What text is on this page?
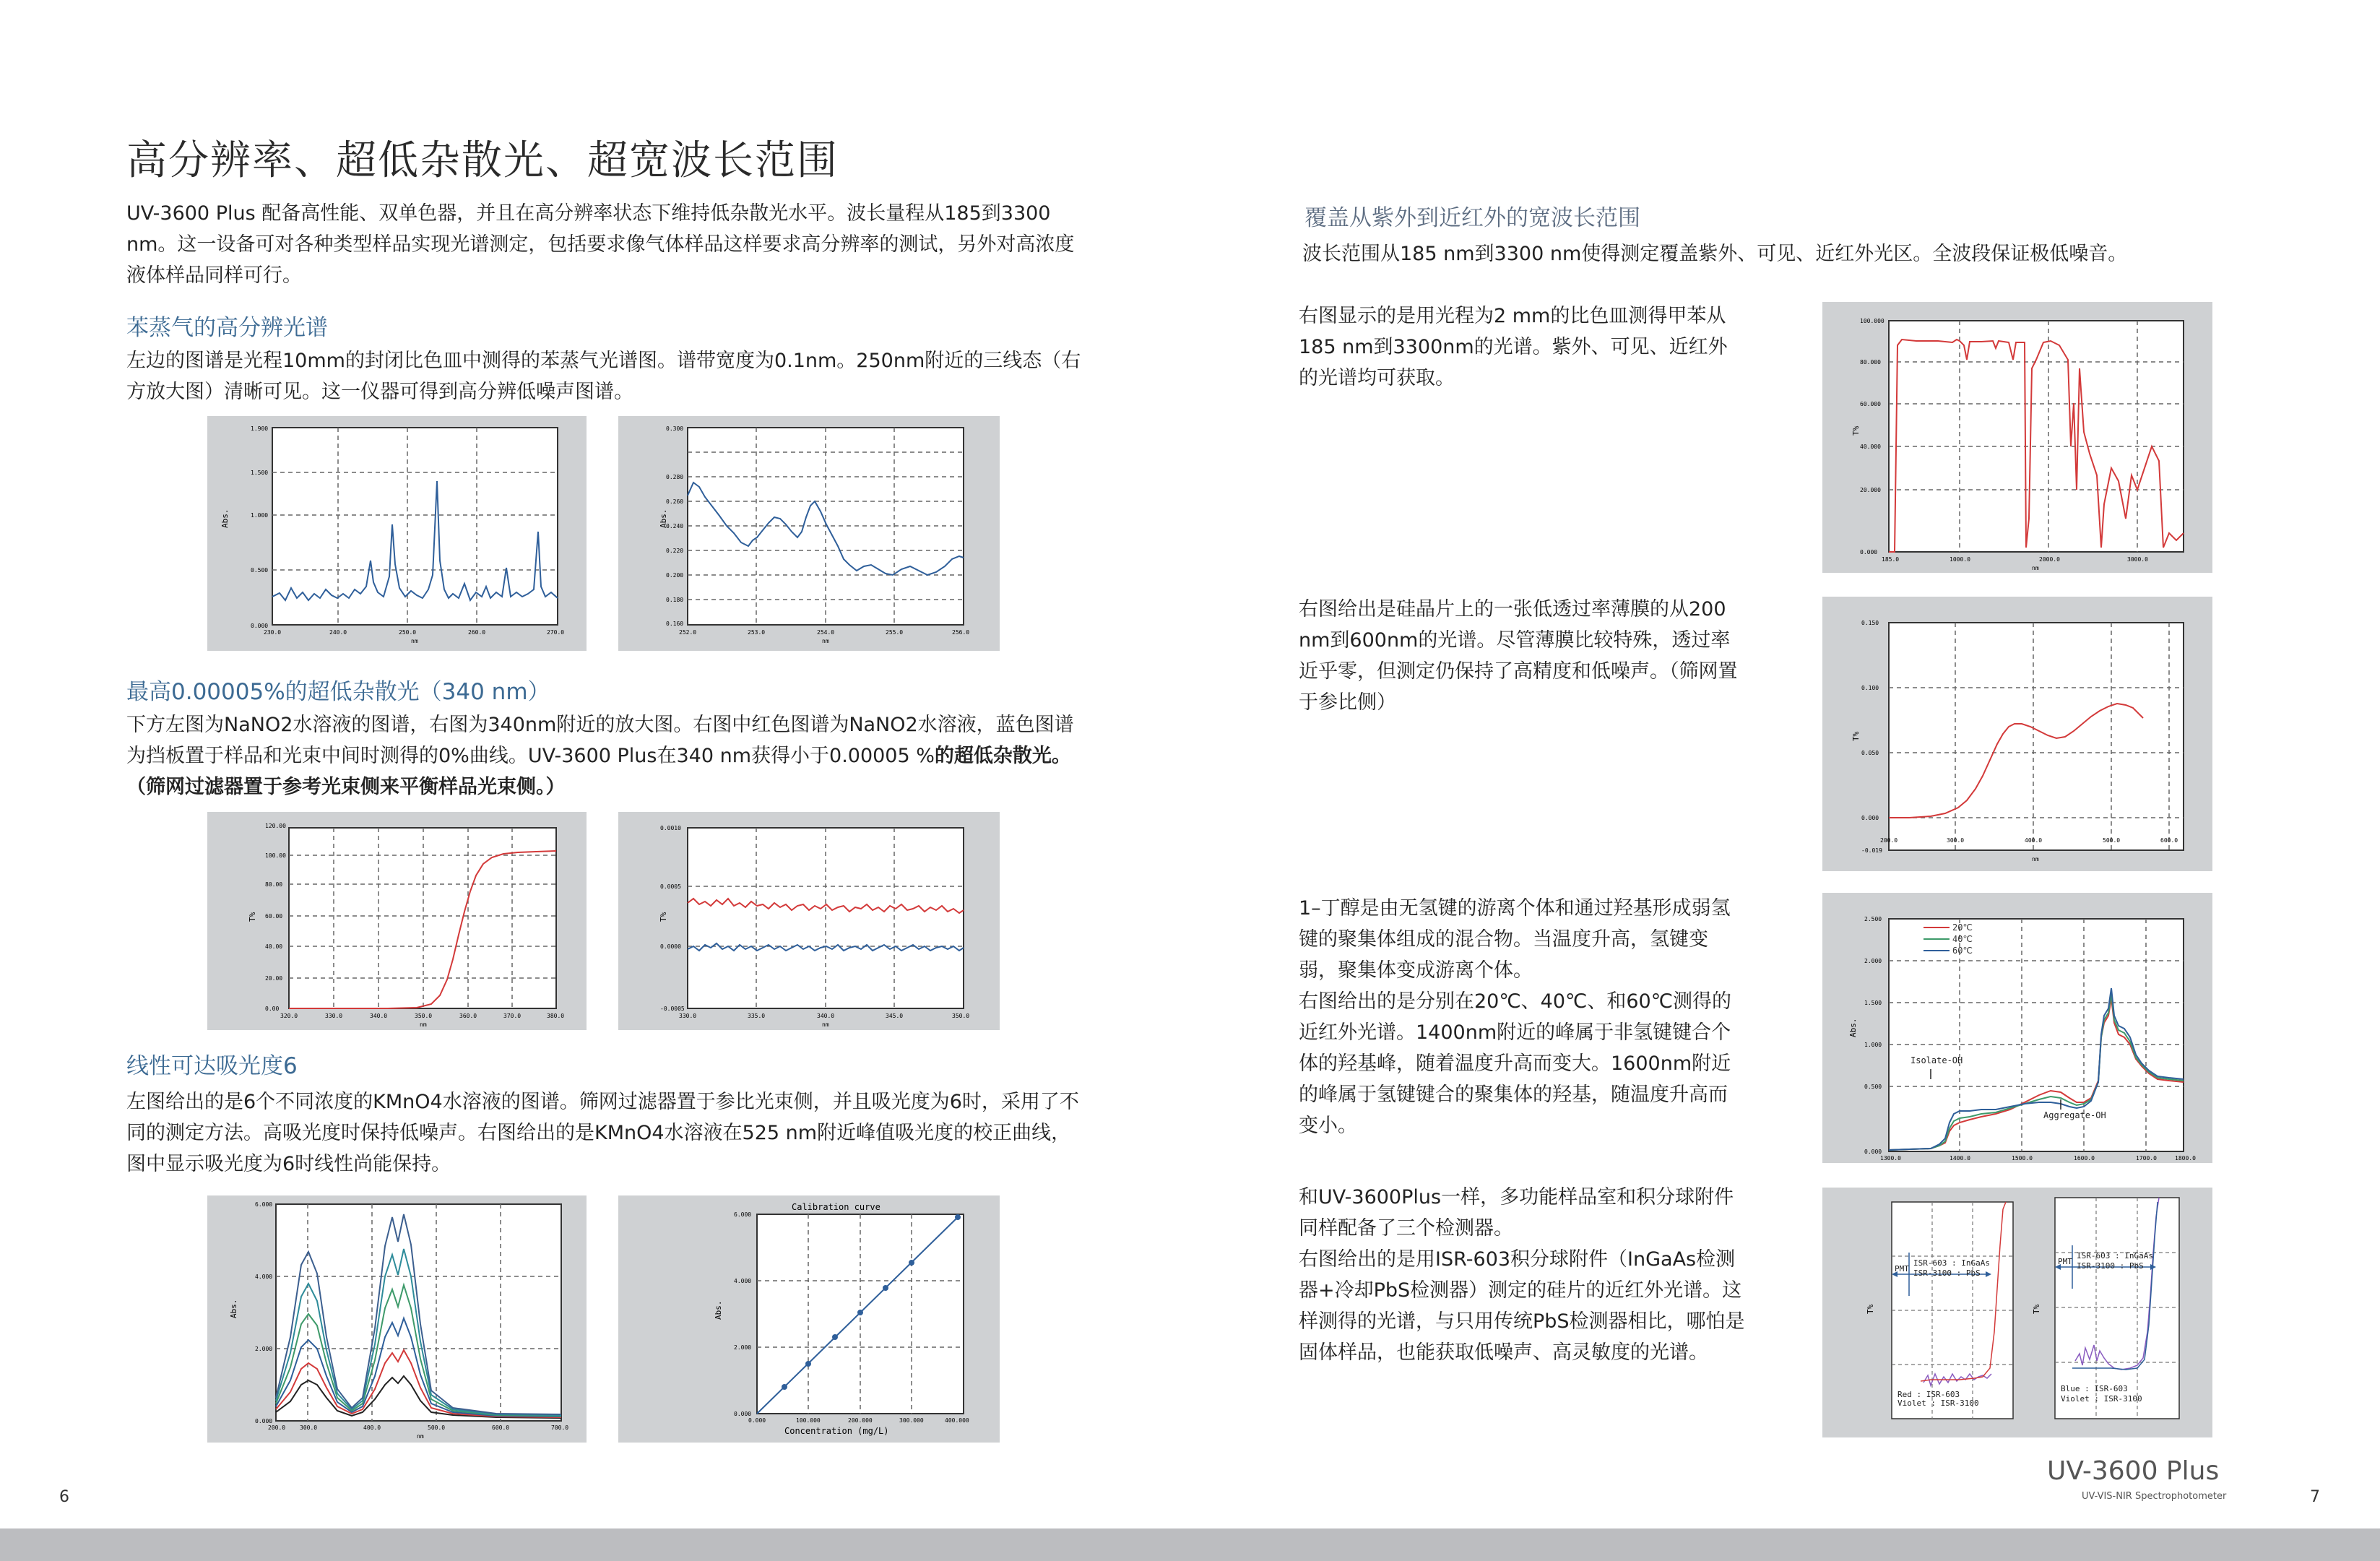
高分辨率、超低杂散光、超宽波长范围
UV-3600 Plus 配备高性能、双单色器，并且在高分辨率状态下维持低杂散光水平。波长量程从185到3300 nm。这一设备可对各种类型样品实现光谱测定，包括要求像气体样品这样要求高分辨率的测试，另外对高浓度液体样品同样可行。
苯蒸气的高分辨光谱
左边的图谱是光程10mm的封闭比色皿中测得的苯蒸气光谱图。谱带宽度为0.1nm。250nm附近的三线态（右方放大图）清晰可见。这一仪器可得到高分辨低噪声图谱。
Abs.
0.000
0.500
1.000
1.500
1.900
230.0	240.0	250.0	260.0	270.0
nm
Abs.
0.160
0.180
0.200
0.220
0.240
0.260
0.280
0.300
252.0	253.0	254.0	255.0	256.0
nm
最高0.00005%的超低杂散光（340 nm）
下方左图为NaNO2水溶液的图谱，右图为340nm附近的放大图。右图中红色图谱为NaNO2水溶液，蓝色图谱为挡板置于样品和光束中间时测得的0%曲线。UV-3600 Plus在340 nm获得小于0.00005 %的超低杂散光。
（筛网过滤器置于参考光束侧来平衡样品光束侧。）
T%
0.00
20.00
40.00
60.00
80.00
100.00
120.00
320.0	330.0	340.0	350.0	360.0	370.0	380.0
nm
T%
-0.0005
0.0000
0.0005
0.0010
330.0	335.0	340.0	345.0	350.0
nm
线性可达吸光度6
左图给出的是6个不同浓度的KMnO4水溶液的图谱。筛网过滤器置于参比光束侧，并且吸光度为6时，采用了不同的测定方法。高吸光度时保持低噪声。右图给出的是KMnO4水溶液在525 nm附近峰值吸光度的校正曲线，图中显示吸光度为6时线性尚能保持。
Abs.
0.000
2.000
4.000
6.000
200.0 300.0	400.0	500.0	600.0	700.0
nm
Calibration curve
Abs.
0.000
2.000
4.000
6.000
0.000	100.000	200.000	300.000	400.000
Concentration (mg/L)
6
覆盖从紫外到近红外的宽波长范围
波长范围从185 nm到3300 nm使得测定覆盖紫外、可见、近红外光区。全波段保证极低噪音。
右图显示的是用光程为2 mm的比色皿测得甲苯从185 nm到3300nm的光谱。紫外、可见、近红外的光谱均可获取。
右图给出是硅晶片上的一张低透过率薄膜的从200 nm到600nm的光谱。尽管薄膜比较特殊，透过率近乎零，但测定仍保持了高精度和低噪声。（筛网置于参比侧）
1–丁醇是由无氢键的游离个体和通过羟基形成弱氢键的聚集体组成的混合物。当温度升高，氢键变弱，聚集体变成游离个体。
右图给出的是分别在20℃、40℃、和60℃测得的近红外光谱。1400nm附近的峰属于非氢键键合个体的羟基峰，随着温度升高而变大。1600nm附近的峰属于氢键键合的聚集体的羟基，随温度升高而变小。
和UV-3600Plus一样，多功能样品室和积分球附件同样配备了三个检测器。
右图给出的是用ISR-603积分球附件（InGaAs检测器+冷却PbS检测器）测定的硅片的近红外光谱。这样测得的光谱，与只用传统PbS检测器相比，哪怕是固体样品，也能获取低噪声、高灵敏度的光谱。
T%
0.000
20.000
40.000
60.000
80.000
100.000
185.0	1000.0	2000.0	3000.0
nm
T%
-0.019
0.000
0.050
0.100
0.150
200.0	300.0	400.0	500.0	600.0
nm
20℃
40℃
60℃
Isolate-OH
Aggregate-OH
Abs.
0.000
0.500
1.000
1.500
2.000
2.500
1300.0	1400.0	1500.0	1600.0	1700.0	1800.0
PMT
ISR-603 : InGaAs
ISR-3100 : PbS
Red : ISR-603
Violet : ISR-3100
T%
PMT
ISR-603 : InGaAs
ISR-3100 : PbS
Blue : ISR-603
Violet : ISR-3100
T%
UV-3600 Plus
UV-VIS-NIR Spectrophotometer	7
